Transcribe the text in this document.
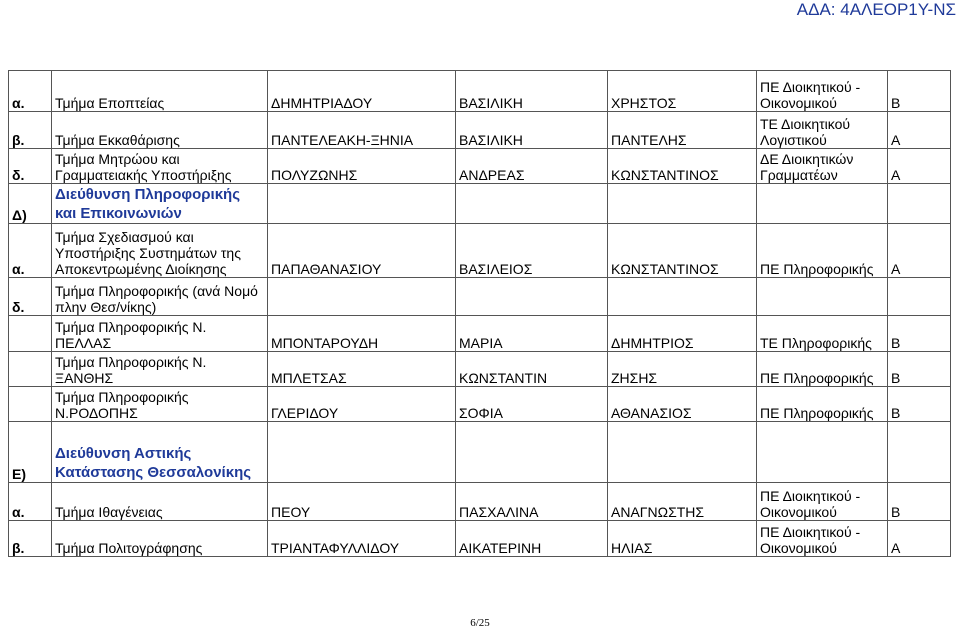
ΑΔΑ: 4ΑΛΕΟΡ1Υ-ΝΣ
α.	Τμήμα Εποπτείας	ΔΗΜΗΤΡΙΑΔΟΥ	ΒΑΣΙΛΙΚΗ	ΧΡΗΣΤΟΣ	ΠΕ Διοικητικού - Οικονομικού	Β
β.	Τμήμα Εκκαθάρισης	ΠΑΝΤΕΛΕΑΚΗ-ΞΗΝΙΑ	ΒΑΣΙΛΙΚΗ	ΠΑΝΤΕΛΗΣ	ΤΕ Διοικητικού Λογιστικού	Α
δ.	Τμήμα Μητρώου και Γραμματειακής Υποστήριξης	ΠΟΛΥΖΩΝΗΣ	ΑΝΔΡΕΑΣ	ΚΩΝΣΤΑΝΤΙΝΟΣ	ΔΕ Διοικητικών Γραμματέων	Α
Δ)	Διεύθυνση Πληροφορικής και Επικοινωνιών					
α.	Τμήμα Σχεδιασμού και Υποστήριξης Συστημάτων της Αποκεντρωμένης Διοίκησης	ΠΑΠΑΘΑΝΑΣΙΟΥ	ΒΑΣΙΛΕΙΟΣ	ΚΩΝΣΤΑΝΤΙΝΟΣ	ΠΕ Πληροφορικής	Α
δ.	Τμήμα Πληροφορικής (ανά Νομό πλην Θεσ/νίκης)					
	Τμήμα Πληροφορικής Ν. ΠΕΛΛΑΣ	ΜΠΟΝΤΑΡΟΥΔΗ	ΜΑΡΙΑ	ΔΗΜΗΤΡΙΟΣ	ΤΕ Πληροφορικής	Β
	Τμήμα Πληροφορικής Ν. ΞΑΝΘΗΣ	ΜΠΛΕΤΣΑΣ	ΚΩΝΣΤΑΝΤΙΝ	ΖΗΣΗΣ	ΠΕ Πληροφορικής	Β
	Τμήμα Πληροφορικής Ν.ΡΟΔΟΠΗΣ	ΓΛΕΡΙΔΟΥ	ΣΟΦΙΑ	ΑΘΑΝΑΣΙΟΣ	ΠΕ Πληροφορικής	Β
Ε)	Διεύθυνση Αστικής Κατάστασης Θεσσαλονίκης					
α.	Τμήμα Ιθαγένειας	ΠΕΟΥ	ΠΑΣΧΑΛΙΝΑ	ΑΝΑΓΝΩΣΤΗΣ	ΠΕ Διοικητικού - Οικονομικού	Β
β.	Τμήμα Πολιτογράφησης	ΤΡΙΑΝΤΑΦΥΛΛΙΔΟΥ	ΑΙΚΑΤΕΡΙΝΗ	ΗΛΙΑΣ	ΠΕ Διοικητικού - Οικονομικού	Α
6/25
